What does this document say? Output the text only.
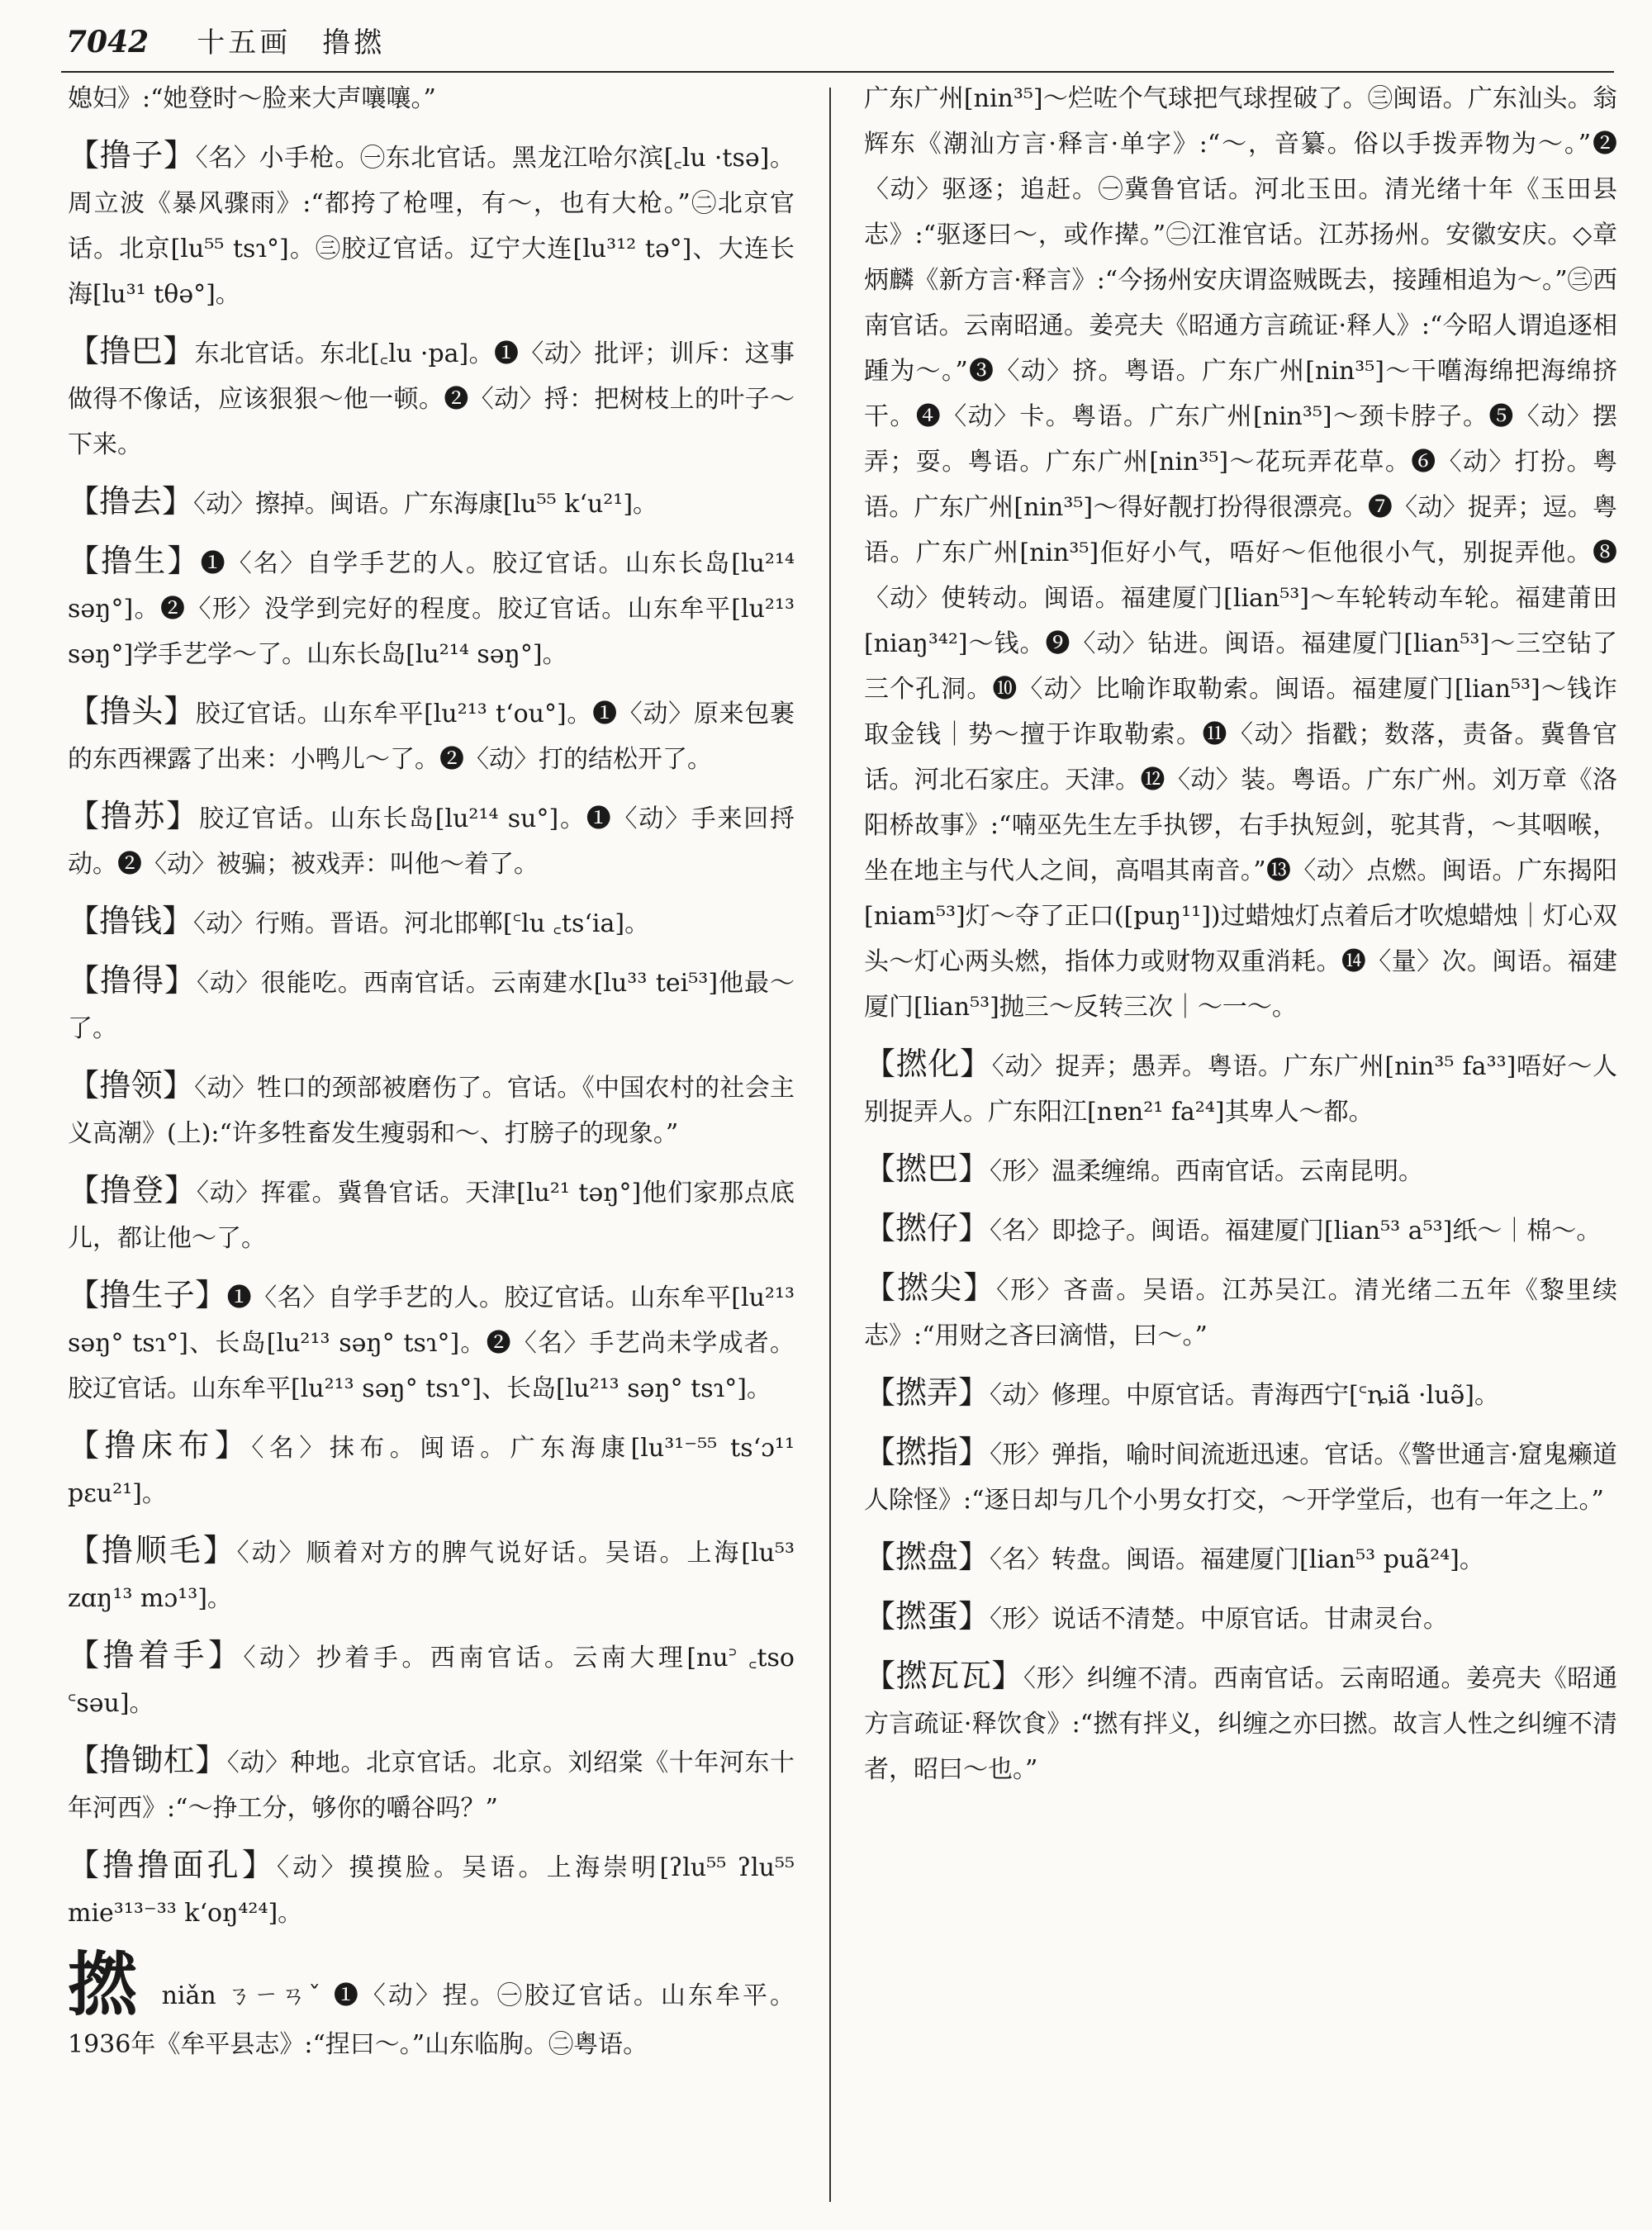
7042 十五画　撸撚
媳妇》:“她登时～脸来大声嚷嚷。”
【撸子】〈名〉小手枪。㊀东北官话。黑龙江哈尔滨[꜀lu ·tsə]。周立波《暴风骤雨》:“都挎了枪哩，有～，也有大枪。”㊁北京官话。北京[lu⁵⁵ tsɿ°]。㊂胶辽官话。辽宁大连[lu³¹² tə°]、大连长海[lu³¹ tθə°]。
【撸巴】东北官话。东北[꜀lu ·pa]。❶〈动〉批评；训斥：这事做得不像话，应该狠狠～他一顿。❷〈动〉捋：把树枝上的叶子～下来。
【撸去】〈动〉擦掉。闽语。广东海康[lu⁵⁵ k‘u²¹]。
【撸生】❶〈名〉自学手艺的人。胶辽官话。山东长岛[lu²¹⁴ səŋ°]。❷〈形〉没学到完好的程度。胶辽官话。山东牟平[lu²¹³ səŋ°]学手艺学～了。山东长岛[lu²¹⁴ səŋ°]。
【撸头】胶辽官话。山东牟平[lu²¹³ t‘ou°]。❶〈动〉原来包裹的东西裸露了出来：小鸭儿～了。❷〈动〉打的结松开了。
【撸苏】胶辽官话。山东长岛[lu²¹⁴ su°]。❶〈动〉手来回捋动。❷〈动〉被骗；被戏弄：叫他～着了。
【撸钱】〈动〉行贿。晋语。河北邯郸[꜂lu ꜀ts‘ia]。
【撸得】〈动〉很能吃。西南官话。云南建水[lu³³ tei⁵³]他最～了。
【撸领】〈动〉牲口的颈部被磨伤了。官话。《中国农村的社会主义高潮》(上):“许多牲畜发生瘦弱和～、打膀子的现象。”
【撸登】〈动〉挥霍。冀鲁官话。天津[lu²¹ təŋ°]他们家那点底儿，都让他～了。
【撸生子】❶〈名〉自学手艺的人。胶辽官话。山东牟平[lu²¹³ səŋ° tsɿ°]、长岛[lu²¹³ səŋ° tsɿ°]。❷〈名〉手艺尚未学成者。胶辽官话。山东牟平[lu²¹³ səŋ° tsɿ°]、长岛[lu²¹³ səŋ° tsɿ°]。
【撸床布】〈名〉抹布。闽语。广东海康[lu³¹⁻⁵⁵ ts‘ɔ¹¹ pɛu²¹]。
【撸顺毛】〈动〉顺着对方的脾气说好话。吴语。上海[lu⁵³ zɑŋ¹³ mɔ¹³]。
【撸着手】〈动〉抄着手。西南官话。云南大理[nu꜄ ꜀tso ꜂səu]。
【撸锄杠】〈动〉种地。北京官话。北京。刘绍棠《十年河东十年河西》:“～挣工分，够你的嚼谷吗？”
【撸撸面孔】〈动〉摸摸脸。吴语。上海崇明[ʔlu⁵⁵ ʔlu⁵⁵ mie³¹³⁻³³ k‘oŋ⁴²⁴]。
撚 niǎn ㄋㄧㄢˇ ❶〈动〉捏。㊀胶辽官话。山东牟平。1936年《牟平县志》:“捏曰～。”山东临朐。㊁粤语。
广东广州[nin³⁵]～烂咗个气球把气球捏破了。㊂闽语。广东汕头。翁辉东《潮汕方言·释言·单字》:“～，音纂。俗以手拨弄物为～。”❷〈动〉驱逐；追赶。㊀冀鲁官话。河北玉田。清光绪十年《玉田县志》:“驱逐曰～，或作撵。”㊁江淮官话。江苏扬州。安徽安庆。◇章炳麟《新方言·释言》:“今扬州安庆谓盗贼既去，接踵相追为～。”㊂西南官话。云南昭通。姜亮夫《昭通方言疏证·释人》:“今昭人谓追逐相踵为～。”❸〈动〉挤。粤语。广东广州[nin³⁵]～干嚿海绵把海绵挤干。❹〈动〉卡。粤语。广东广州[nin³⁵]～颈卡脖子。❺〈动〉摆弄；耍。粤语。广东广州[nin³⁵]～花玩弄花草。❻〈动〉打扮。粤语。广东广州[nin³⁵]～得好靓打扮得很漂亮。❼〈动〉捉弄；逗。粤语。广东广州[nin³⁵]佢好小气，唔好～佢他很小气，别捉弄他。❽〈动〉使转动。闽语。福建厦门[lian⁵³]～车轮转动车轮。福建莆田[niaŋ³⁴²]～钱。❾〈动〉钻进。闽语。福建厦门[lian⁵³]～三空钻了三个孔洞。❿〈动〉比喻诈取勒索。闽语。福建厦门[lian⁵³]～钱诈取金钱｜势～擅于诈取勒索。⓫〈动〉指戳；数落，责备。冀鲁官话。河北石家庄。天津。⓬〈动〉装。粤语。广东广州。刘万章《洛阳桥故事》:“喃巫先生左手执锣，右手执短剑，驼其背，～其咽喉，坐在地主与代人之间，高唱其南音。”⓭〈动〉点燃。闽语。广东揭阳[niam⁵³]灯～夺了正口([puŋ¹¹])过蜡烛灯点着后才吹熄蜡烛｜灯心双头～灯心两头燃，指体力或财物双重消耗。⓮〈量〉次。闽语。福建厦门[lian⁵³]抛三～反转三次｜～一～。
【撚化】〈动〉捉弄；愚弄。粤语。广东广州[nin³⁵ fa³³]唔好～人别捉弄人。广东阳江[nɐn²¹ fa²⁴]其卑人～都。
【撚巴】〈形〉温柔缠绵。西南官话。云南昆明。
【撚仔】〈名〉即捻子。闽语。福建厦门[lian⁵³ a⁵³]纸～｜棉～。
【撚尖】〈形〉吝啬。吴语。江苏吴江。清光绪二五年《黎里续志》:“用财之吝曰滴惜，曰～。”
【撚弄】〈动〉修理。中原官话。青海西宁[꜂ȵiã ·luə̃]。
【撚指】〈形〉弹指，喻时间流逝迅速。官话。《警世通言·窟鬼癞道人除怪》:“逐日却与几个小男女打交，～开学堂后，也有一年之上。”
【撚盘】〈名〉转盘。闽语。福建厦门[lian⁵³ puã²⁴]。
【撚蛋】〈形〉说话不清楚。中原官话。甘肃灵台。
【撚瓦瓦】〈形〉纠缠不清。西南官话。云南昭通。姜亮夫《昭通方言疏证·释饮食》:“撚有拌义，纠缠之亦曰撚。故言人性之纠缠不清者，昭曰～也。”
